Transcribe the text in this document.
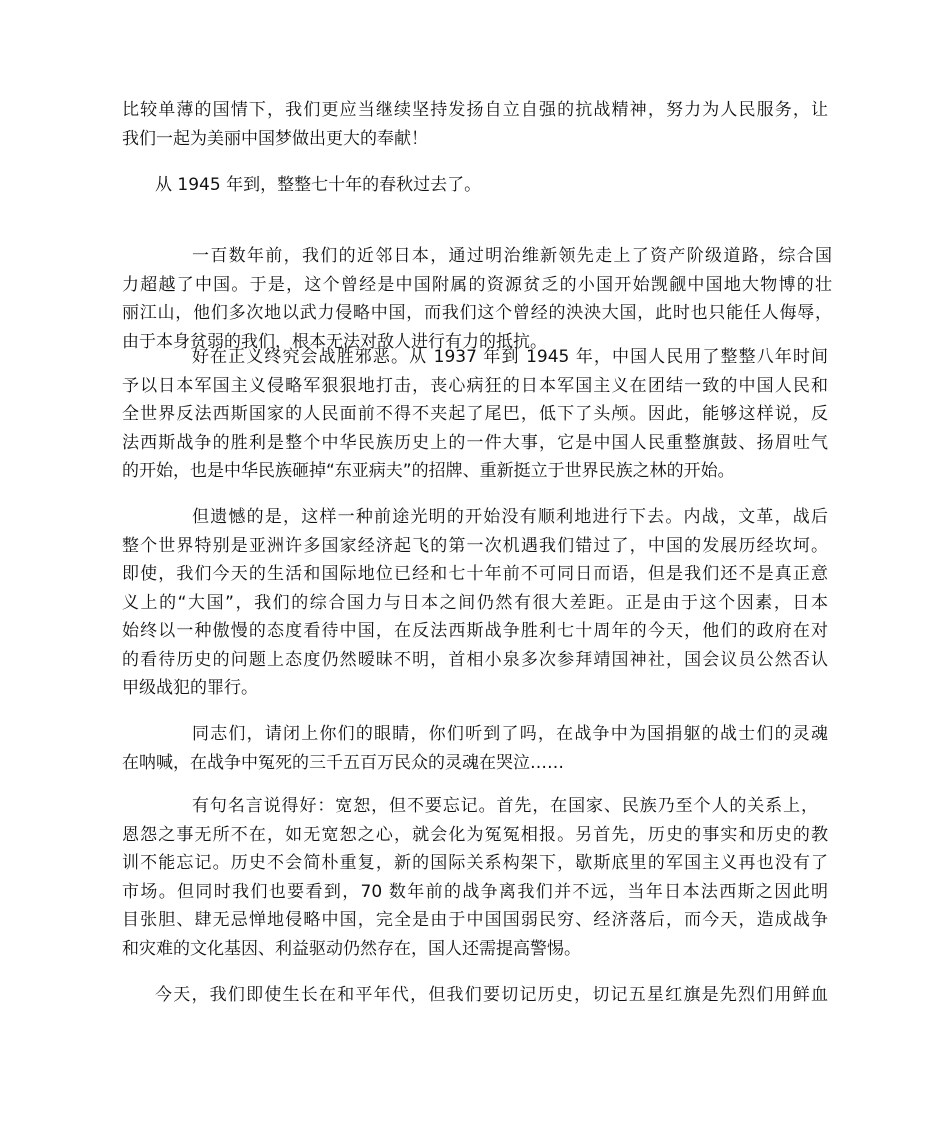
比较单薄的国情下，我们更应当继续坚持发扬自立自强的抗战精神，努力为人民服务，让
我们一起为美丽中国梦做出更大的奉献！
从 1945 年到，整整七十年的春秋过去了。
一百数年前，我们的近邻日本，通过明治维新领先走上了资产阶级道路，综合国
力超越了中国。于是，这个曾经是中国附属的资源贫乏的小国开始觊觎中国地大物博的壮
丽江山，他们多次地以武力侵略中国，而我们这个曾经的泱泱大国，此时也只能任人侮辱，
由于本身贫弱的我们，根本无法对敌人进行有力的抵抗。
好在正义终究会战胜邪恶。从 1937 年到 1945 年，中国人民用了整整八年时间
予以日本军国主义侵略军狠狠地打击，丧心病狂的日本军国主义在团结一致的中国人民和
全世界反法西斯国家的人民面前不得不夹起了尾巴，低下了头颅。因此，能够这样说，反
法西斯战争的胜利是整个中华民族历史上的一件大事，它是中国人民重整旗鼓、扬眉吐气
的开始，也是中华民族砸掉“东亚病夫”的招牌、重新挺立于世界民族之林的开始。
但遗憾的是，这样一种前途光明的开始没有顺利地进行下去。内战，文革，战后
整个世界特别是亚洲许多国家经济起飞的第一次机遇我们错过了，中国的发展历经坎坷。
即使，我们今天的生活和国际地位已经和七十年前不可同日而语，但是我们还不是真正意
义上的“大国”，我们的综合国力与日本之间仍然有很大差距。正是由于这个因素，日本
始终以一种傲慢的态度看待中国，在反法西斯战争胜利七十周年的今天，他们的政府在对
的看待历史的问题上态度仍然暧昧不明，首相小泉多次参拜靖国神社，国会议员公然否认
甲级战犯的罪行。
同志们，请闭上你们的眼睛，你们听到了吗，在战争中为国捐躯的战士们的灵魂
在呐喊，在战争中冤死的三千五百万民众的灵魂在哭泣……
有句名言说得好：宽恕，但不要忘记。首先，在国家、民族乃至个人的关系上，
恩怨之事无所不在，如无宽恕之心，就会化为冤冤相报。另首先，历史的事实和历史的教
训不能忘记。历史不会简朴重复，新的国际关系构架下，歇斯底里的军国主义再也没有了
市场。但同时我们也要看到，70 数年前的战争离我们并不远，当年日本法西斯之因此明
目张胆、肆无忌惮地侵略中国，完全是由于中国国弱民穷、经济落后，而今天，造成战争
和灾难的文化基因、利益驱动仍然存在，国人还需提高警惕。
今天，我们即使生长在和平年代，但我们要切记历史，切记五星红旗是先烈们用鲜血
